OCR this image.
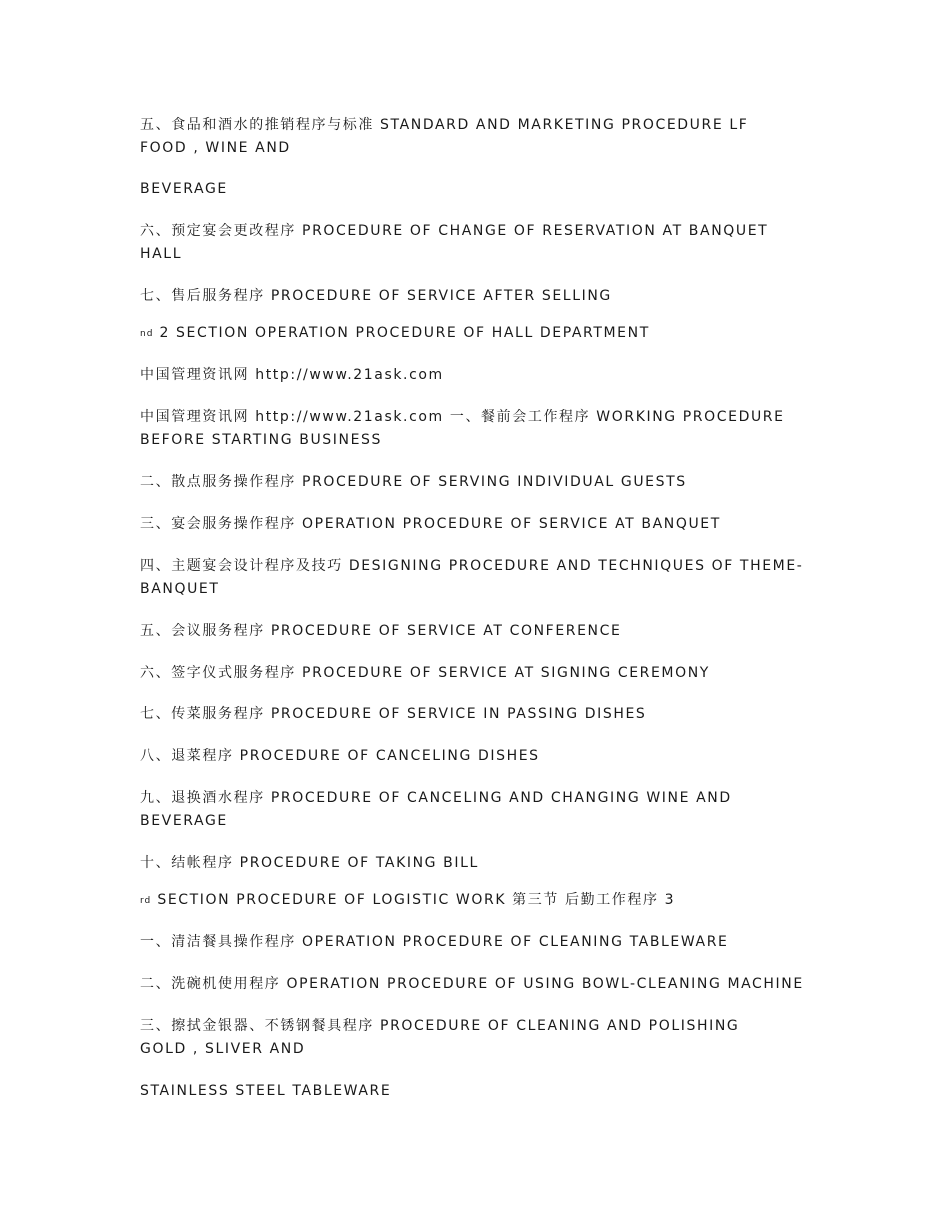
五、食品和酒水的推销程序与标准 STANDARD AND MARKETING PROCEDURE LF
FOOD , WINE AND
BEVERAGE
六、预定宴会更改程序 PROCEDURE OF CHANGE OF RESERVATION AT BANQUET
HALL
七、售后服务程序 PROCEDURE OF SERVICE AFTER SELLING
nd 2 SECTION OPERATION PROCEDURE OF HALL DEPARTMENT
中国管理资讯网 http://www.21ask.com
中国管理资讯网 http://www.21ask.com 一、餐前会工作程序 WORKING PROCEDURE
BEFORE STARTING BUSINESS
二、散点服务操作程序 PROCEDURE OF SERVING INDIVIDUAL GUESTS
三、宴会服务操作程序 OPERATION PROCEDURE OF SERVICE AT BANQUET
四、主题宴会设计程序及技巧 DESIGNING PROCEDURE AND TECHNIQUES OF THEME-
BANQUET
五、会议服务程序 PROCEDURE OF SERVICE AT CONFERENCE
六、签字仪式服务程序 PROCEDURE OF SERVICE AT SIGNING CEREMONY
七、传菜服务程序 PROCEDURE OF SERVICE IN PASSING DISHES
八、退菜程序 PROCEDURE OF CANCELING DISHES
九、退换酒水程序 PROCEDURE OF CANCELING AND CHANGING WINE AND
BEVERAGE
十、结帐程序 PROCEDURE OF TAKING BILL
rd SECTION PROCEDURE OF LOGISTIC WORK 第三节 后勤工作程序 3
一、清洁餐具操作程序 OPERATION PROCEDURE OF CLEANING TABLEWARE
二、洗碗机使用程序 OPERATION PROCEDURE OF USING BOWL-CLEANING MACHINE
三、擦拭金银器、不锈钢餐具程序 PROCEDURE OF CLEANING AND POLISHING
GOLD , SLIVER AND
STAINLESS STEEL TABLEWARE
